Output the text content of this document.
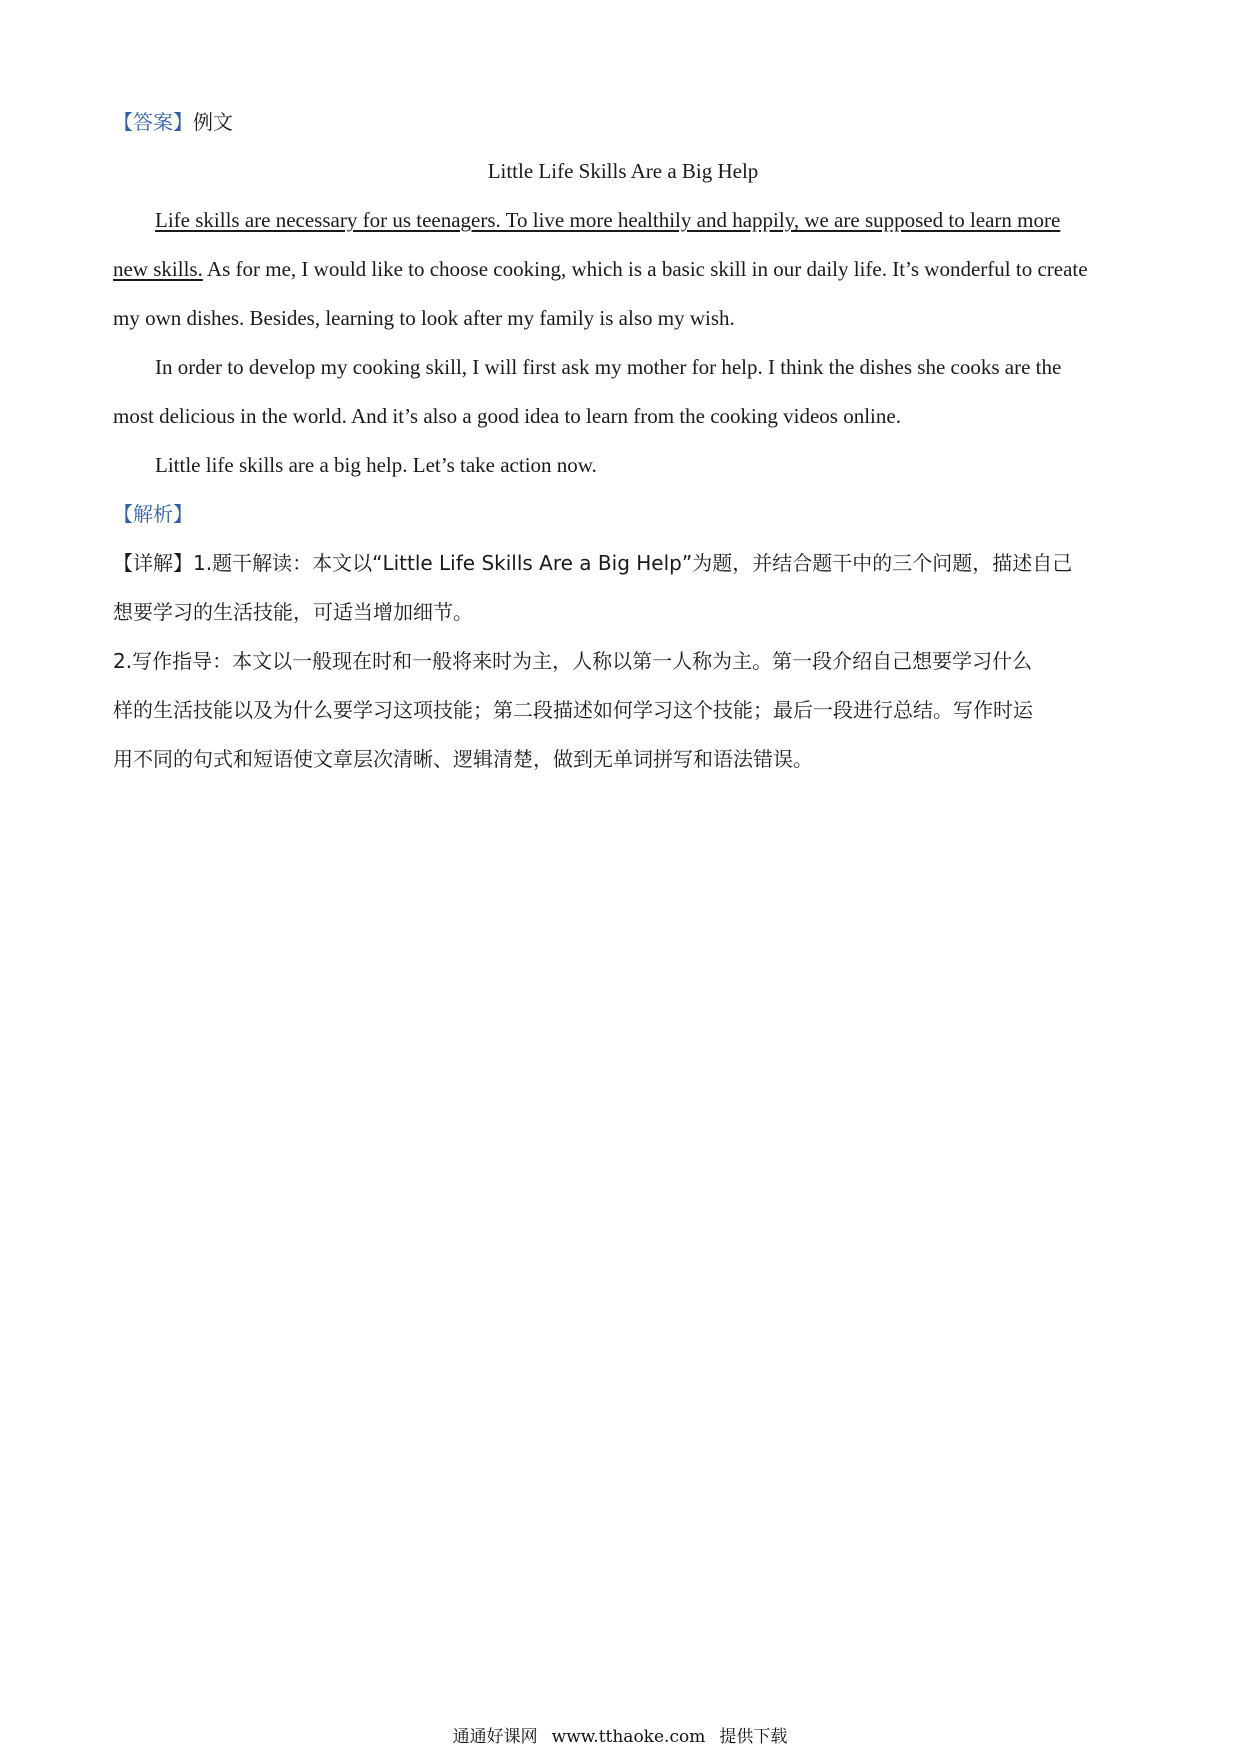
【答案】例文

Little Life Skills Are a Big Help

Life skills are necessary for us teenagers. To live more healthily and happily, we are supposed to learn more

new skills. As for me, I would like to choose cooking, which is a basic skill in our daily life. It’s wonderful to create

my own dishes. Besides, learning to look after my family is also my wish.

In order to develop my cooking skill, I will first ask my mother for help. I think the dishes she cooks are the

most delicious in the world. And it’s also a good idea to learn from the cooking videos online.

Little life skills are a big help. Let’s take action now.

【解析】

【详解】1.题干解读：本文以“Little Life Skills Are a Big Help”为题，并结合题干中的三个问题，描述自己

想要学习的生活技能，可适当增加细节。

2.写作指导：本文以一般现在时和一般将来时为主，人称以第一人称为主。第一段介绍自己想要学习什么

样的生活技能以及为什么要学习这项技能；第二段描述如何学习这个技能；最后一段进行总结。写作时运

用不同的句式和短语使文章层次清晰、逻辑清楚，做到无单词拼写和语法错误。

通通好课网 www.tthaoke.com 提供下载
